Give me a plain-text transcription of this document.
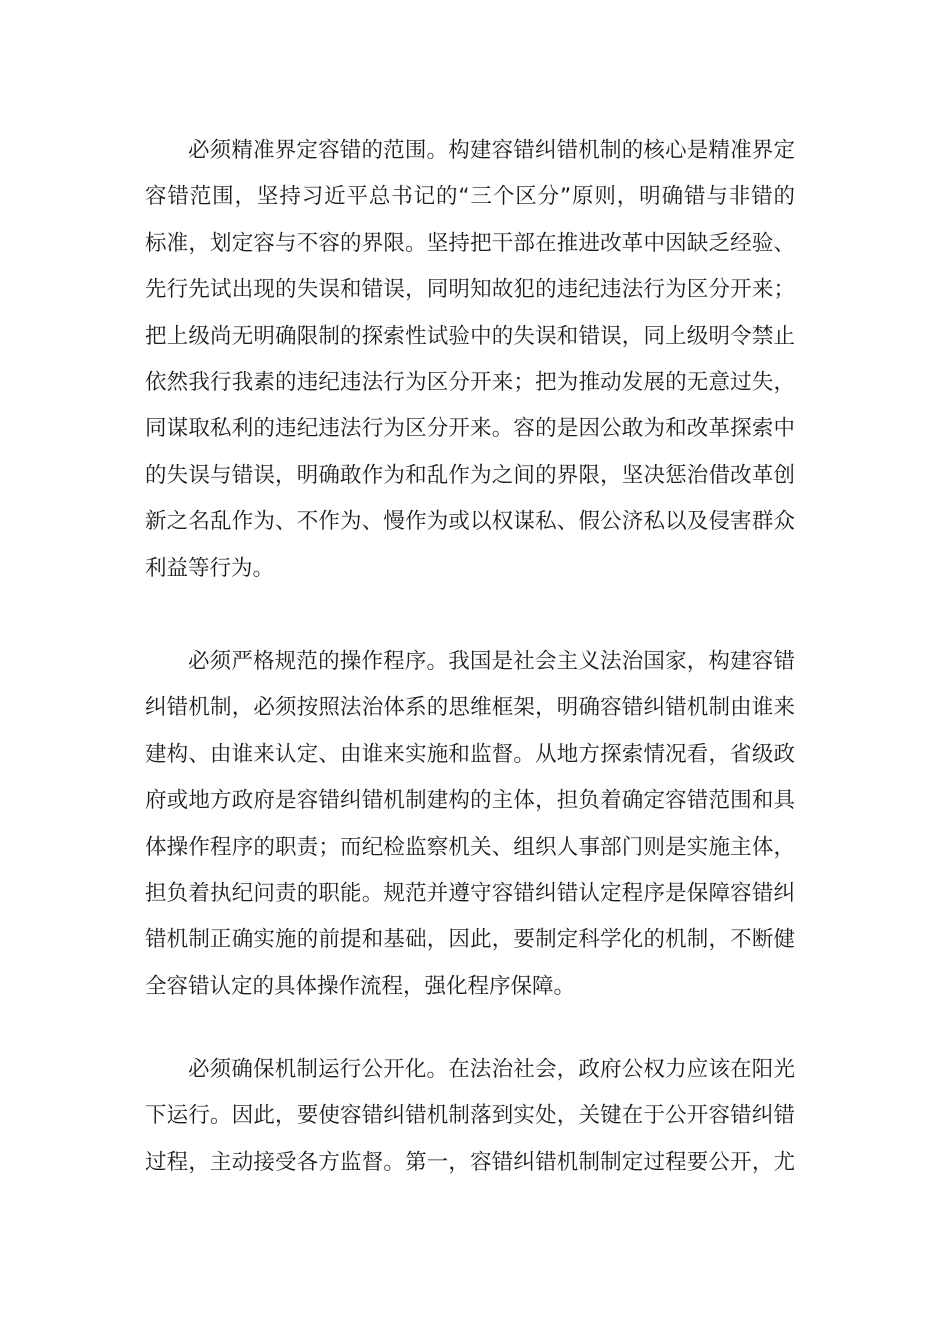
必须精准界定容错的范围。构建容错纠错机制的核心是精准界定
容错范围，坚持习近平总书记的“三个区分”原则，明确错与非错的
标准，划定容与不容的界限。坚持把干部在推进改革中因缺乏经验、
先行先试出现的失误和错误，同明知故犯的违纪违法行为区分开来；
把上级尚无明确限制的探索性试验中的失误和错误，同上级明令禁止
依然我行我素的违纪违法行为区分开来；把为推动发展的无意过失，
同谋取私利的违纪违法行为区分开来。容的是因公敢为和改革探索中
的失误与错误，明确敢作为和乱作为之间的界限，坚决惩治借改革创
新之名乱作为、不作为、慢作为或以权谋私、假公济私以及侵害群众
利益等行为。
必须严格规范的操作程序。我国是社会主义法治国家，构建容错
纠错机制，必须按照法治体系的思维框架，明确容错纠错机制由谁来
建构、由谁来认定、由谁来实施和监督。从地方探索情况看，省级政
府或地方政府是容错纠错机制建构的主体，担负着确定容错范围和具
体操作程序的职责；而纪检监察机关、组织人事部门则是实施主体，
担负着执纪问责的职能。规范并遵守容错纠错认定程序是保障容错纠
错机制正确实施的前提和基础，因此，要制定科学化的机制，不断健
全容错认定的具体操作流程，强化程序保障。
必须确保机制运行公开化。在法治社会，政府公权力应该在阳光
下运行。因此，要使容错纠错机制落到实处，关键在于公开容错纠错
过程，主动接受各方监督。第一，容错纠错机制制定过程要公开，尤
